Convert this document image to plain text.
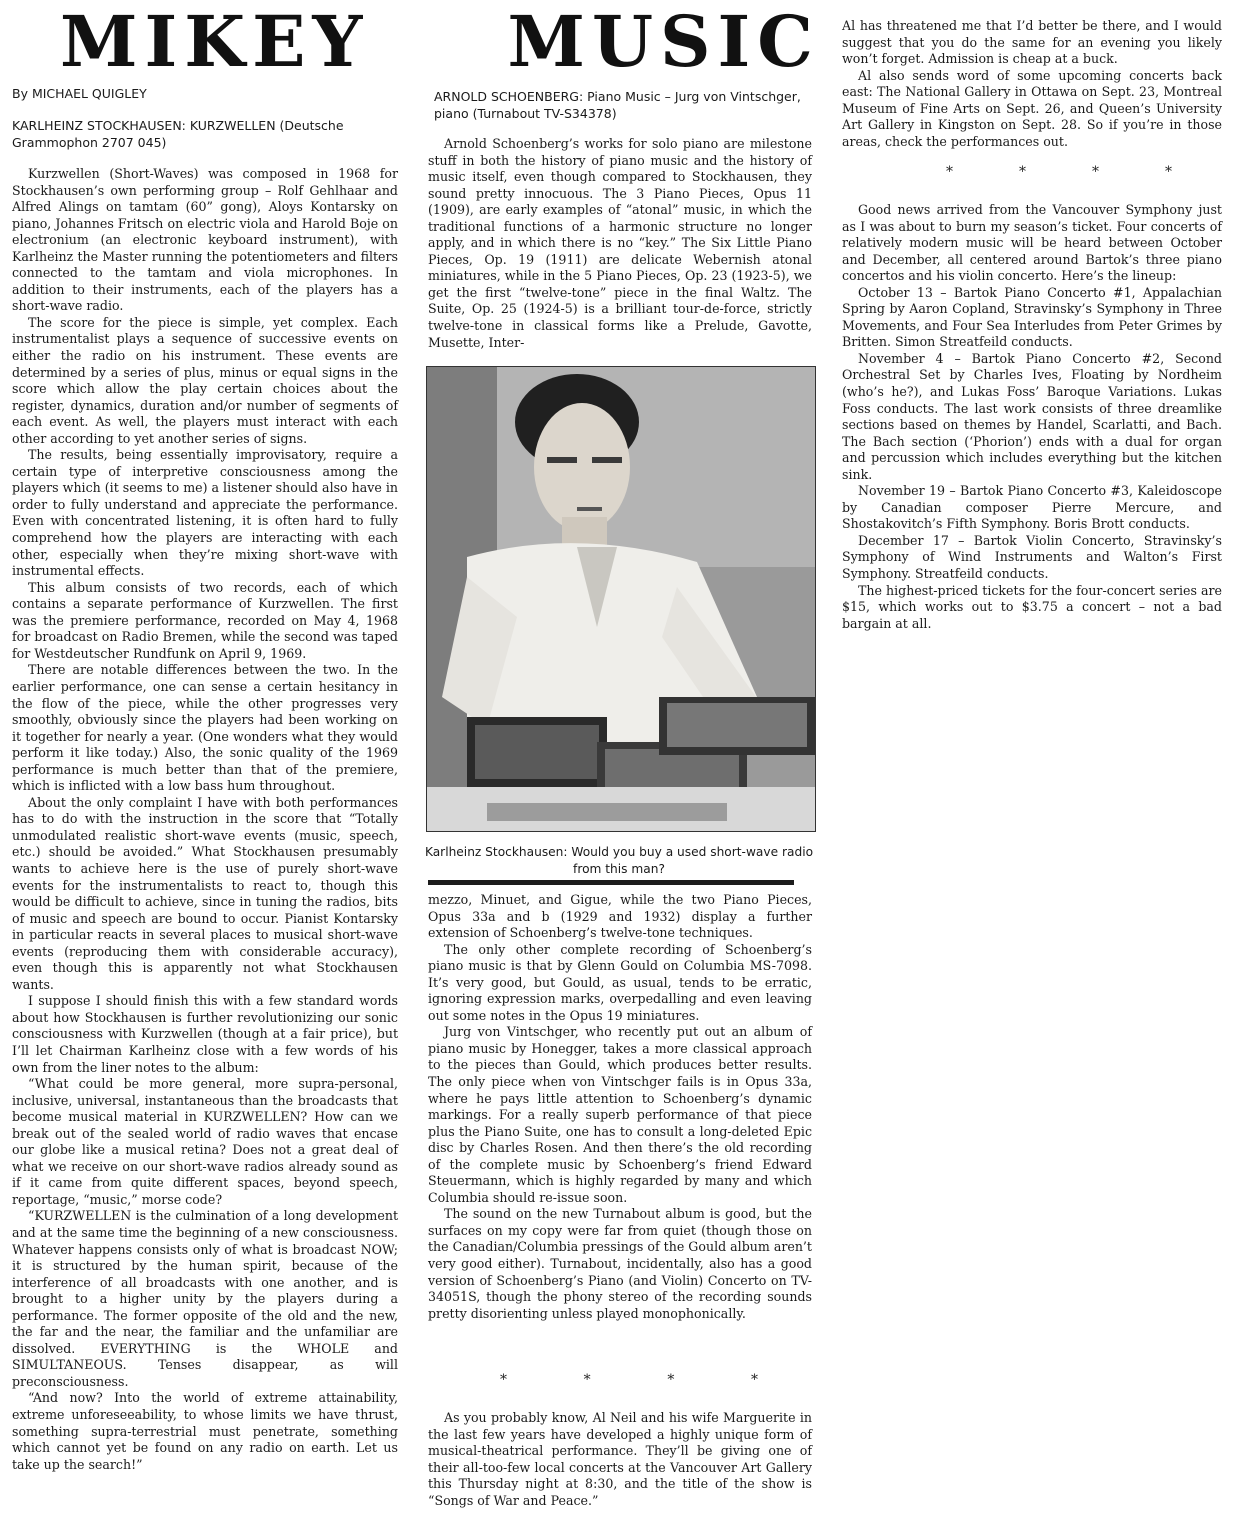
MIKEY MUSIC
By MICHAEL QUIGLEY
KARLHEINZ STOCKHAUSEN: KURZWELLEN (Deutsche Grammophon 2707 045)

Kurzwellen (Short-Waves) was composed in 1968 for Stockhausen’s own performing group – Rolf Gehlhaar and Alfred Alings on tamtam (60” gong), Aloys Kontarsky on piano, Johannes Fritsch on electric viola and Harold Boje on electronium (an electronic keyboard instrument), with Karlheinz the Master running the potentiometers and filters connected to the tamtam and viola microphones. In addition to their instruments, each of the players has a short-wave radio.

The score for the piece is simple, yet complex. Each instrumentalist plays a sequence of successive events on either the radio on his instrument. These events are determined by a series of plus, minus or equal signs in the score which allow the play certain choices about the register, dynamics, duration and/or number of segments of each event. As well, the players must interact with each other according to yet another series of signs.

The results, being essentially improvisatory, require a certain type of interpretive consciousness among the players which (it seems to me) a listener should also have in order to fully understand and appreciate the performance. Even with concentrated listening, it is often hard to fully comprehend how the players are interacting with each other, especially when they’re mixing short-wave with instrumental effects.

This album consists of two records, each of which contains a separate performance of Kurzwellen. The first was the premiere performance, recorded on May 4, 1968 for broadcast on Radio Bremen, while the second was taped for Westdeutscher Rundfunk on April 9, 1969.

There are notable differences between the two. In the earlier performance, one can sense a certain hesitancy in the flow of the piece, while the other progresses very smoothly, obviously since the players had been working on it together for nearly a year. (One wonders what they would perform it like today.) Also, the sonic quality of the 1969 performance is much better than that of the premiere, which is inflicted with a low bass hum throughout.

About the only complaint I have with both performances has to do with the instruction in the score that “Totally unmodulated realistic short-wave events (music, speech, etc.) should be avoided.” What Stockhausen presumably wants to achieve here is the use of purely short-wave events for the instrumentalists to react to, though this would be difficult to achieve, since in tuning the radios, bits of music and speech are bound to occur. Pianist Kontarsky in particular reacts in several places to musical short-wave events (reproducing them with considerable accuracy), even though this is apparently not what Stockhausen wants.

I suppose I should finish this with a few standard words about how Stockhausen is further revolutionizing our sonic consciousness with Kurzwellen (though at a fair price), but I’ll let Chairman Karlheinz close with a few words of his own from the liner notes to the album:

“What could be more general, more supra-personal, inclusive, universal, instantaneous than the broadcasts that become musical material in KURZWELLEN? How can we break out of the sealed world of radio waves that encase our globe like a musical retina? Does not a great deal of what we receive on our short-wave radios already sound as if it came from quite different spaces, beyond speech, reportage, “music,” morse code?

“KURZWELLEN is the culmination of a long development and at the same time the beginning of a new consciousness. Whatever happens consists only of what is broadcast NOW; it is structured by the human spirit, because of the interference of all broadcasts with one another, and is brought to a higher unity by the players during a performance. The former opposite of the old and the new, the far and the near, the familiar and the unfamiliar are dissolved. EVERYTHING is the WHOLE and SIMULTANEOUS. Tenses disappear, as will preconsciousness.

“And now? Into the world of extreme attainability, extreme unforeseeability, to whose limits we have thrust, something supra-terrestrial must penetrate, something which cannot yet be found on any radio on earth. Let us take up the search!”

ARNOLD SCHOENBERG: Piano Music – Jurg von Vintschger, piano (Turnabout TV-S34378)

Arnold Schoenberg’s works for solo piano are milestone stuff in both the history of piano music and the history of music itself, even though compared to Stockhausen, they sound pretty innocuous. The 3 Piano Pieces, Opus 11 (1909), are early examples of “atonal” music, in which the traditional functions of a harmonic structure no longer apply, and in which there is no “key.” The Six Little Piano Pieces, Op. 19 (1911) are delicate Webernish atonal miniatures, while in the 5 Piano Pieces, Op. 23 (1923-5), we get the first “twelve-tone” piece in the final Waltz. The Suite, Op. 25 (1924-5) is a brilliant tour-de-force, strictly twelve-tone in classical forms like a Prelude, Gavotte, Musette, Inter-

Karlheinz Stockhausen: Would you buy a used short-wave radio from this man?

mezzo, Minuet, and Gigue, while the two Piano Pieces, Opus 33a and b (1929 and 1932) display a further extension of Schoenberg’s twelve-tone techniques.

The only other complete recording of Schoenberg’s piano music is that by Glenn Gould on Columbia MS-7098. It’s very good, but Gould, as usual, tends to be erratic, ignoring expression marks, overpedalling and even leaving out some notes in the Opus 19 miniatures.

Jurg von Vintschger, who recently put out an album of piano music by Honegger, takes a more classical approach to the pieces than Gould, which produces better results. The only piece when von Vintschger fails is in Opus 33a, where he pays little attention to Schoenberg’s dynamic markings. For a really superb performance of that piece plus the Piano Suite, one has to consult a long-deleted Epic disc by Charles Rosen. And then there’s the old recording of the complete music by Schoenberg’s friend Edward Steuermann, which is highly regarded by many and which Columbia should re-issue soon.

The sound on the new Turnabout album is good, but the surfaces on my copy were far from quiet (though those on the Canadian/Columbia pressings of the Gould album aren’t very good either). Turnabout, incidentally, also has a good version of Schoenberg’s Piano (and Violin) Concerto on TV-34051S, though the phony stereo of the recording sounds pretty disorienting unless played monophonically.

*	*	*	*

As you probably know, Al Neil and his wife Marguerite in the last few years have developed a highly unique form of musical-theatrical performance. They’ll be giving one of their all-too-few local concerts at the Vancouver Art Gallery this Thursday night at 8:30, and the title of the show is “Songs of War and Peace.”

Al has threatened me that I’d better be there, and I would suggest that you do the same for an evening you likely won’t forget. Admission is cheap at a buck.

Al also sends word of some upcoming concerts back east: The National Gallery in Ottawa on Sept. 23, Montreal Museum of Fine Arts on Sept. 26, and Queen’s University Art Gallery in Kingston on Sept. 28. So if you’re in those areas, check the performances out.

*	*	*	*

Good news arrived from the Vancouver Symphony just as I was about to burn my season’s ticket. Four concerts of relatively modern music will be heard between October and December, all centered around Bartok’s three piano concertos and his violin concerto. Here’s the lineup:

October 13 – Bartok Piano Concerto #1, Appalachian Spring by Aaron Copland, Stravinsky’s Symphony in Three Movements, and Four Sea Interludes from Peter Grimes by Britten. Simon Streatfeild conducts.

November 4 – Bartok Piano Concerto #2, Second Orchestral Set by Charles Ives, Floating by Nordheim (who’s he?), and Lukas Foss’ Baroque Variations. Lukas Foss conducts. The last work consists of three dreamlike sections based on themes by Handel, Scarlatti, and Bach. The Bach section (‘Phorion’) ends with a dual for organ and percussion which includes everything but the kitchen sink.

November 19 – Bartok Piano Concerto #3, Kaleidoscope by Canadian composer Pierre Mercure, and Shostakovitch’s Fifth Symphony. Boris Brott conducts.

December 17 – Bartok Violin Concerto, Stravinsky’s Symphony of Wind Instruments and Walton’s First Symphony. Streatfeild conducts.

The highest-priced tickets for the four-concert series are $15, which works out to $3.75 a concert – not a bad bargain at all.
